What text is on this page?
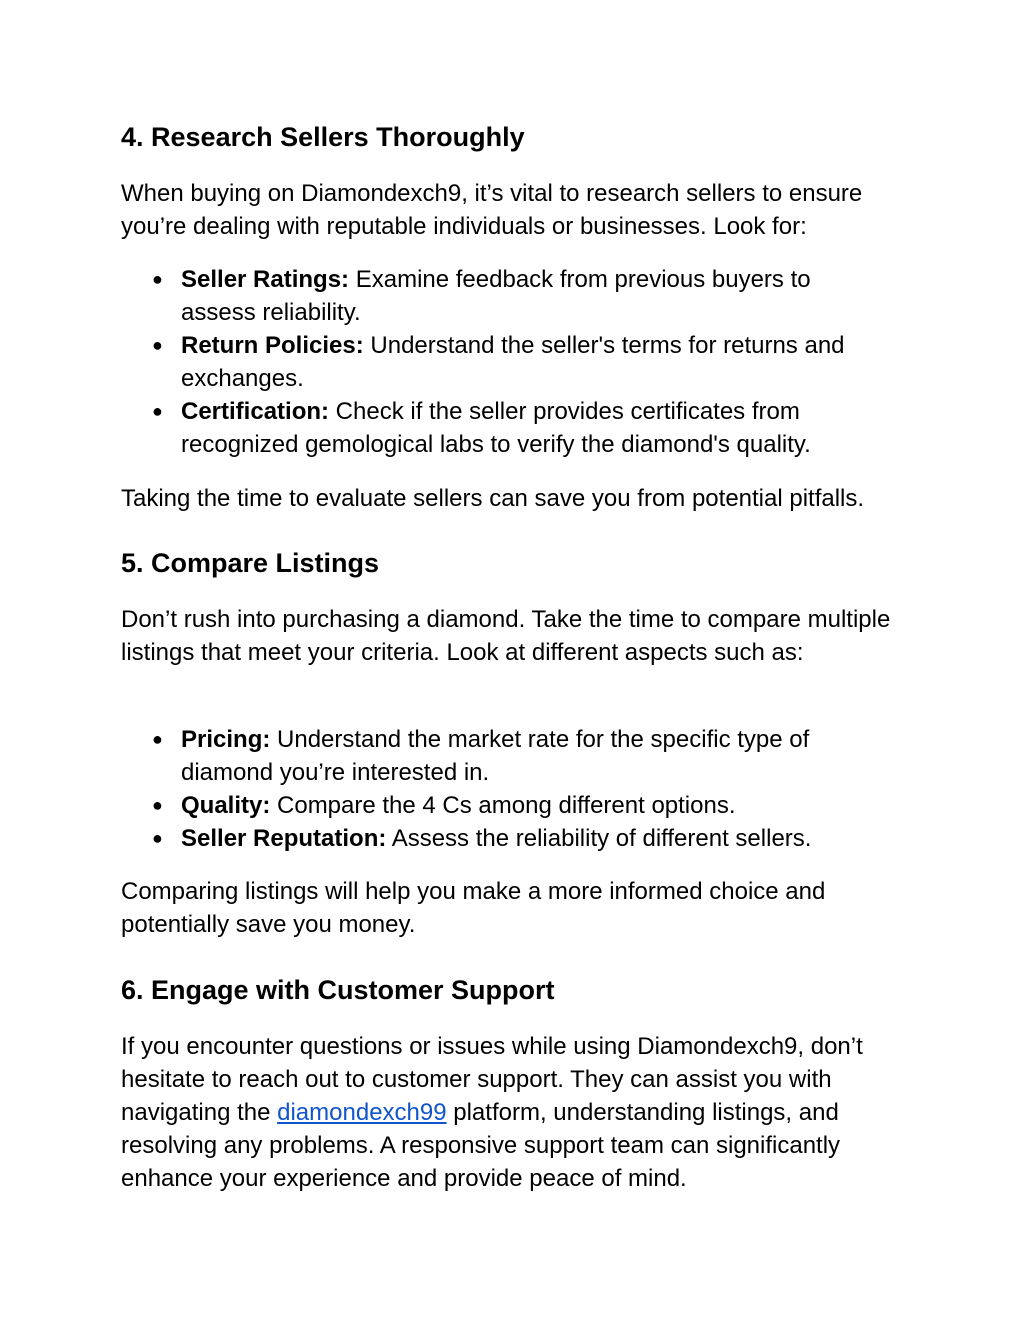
4. Research Sellers Thoroughly

When buying on Diamondexch9, it’s vital to research sellers to ensure you’re dealing with reputable individuals or businesses. Look for:

● Seller Ratings: Examine feedback from previous buyers to assess reliability.
● Return Policies: Understand the seller's terms for returns and exchanges.
● Certification: Check if the seller provides certificates from recognized gemological labs to verify the diamond's quality.

Taking the time to evaluate sellers can save you from potential pitfalls.

5. Compare Listings

Don’t rush into purchasing a diamond. Take the time to compare multiple listings that meet your criteria. Look at different aspects such as:

● Pricing: Understand the market rate for the specific type of diamond you’re interested in.
● Quality: Compare the 4 Cs among different options.
● Seller Reputation: Assess the reliability of different sellers.

Comparing listings will help you make a more informed choice and potentially save you money.

6. Engage with Customer Support

If you encounter questions or issues while using Diamondexch9, don’t hesitate to reach out to customer support. They can assist you with navigating the diamondexch99 platform, understanding listings, and resolving any problems. A responsive support team can significantly enhance your experience and provide peace of mind.
